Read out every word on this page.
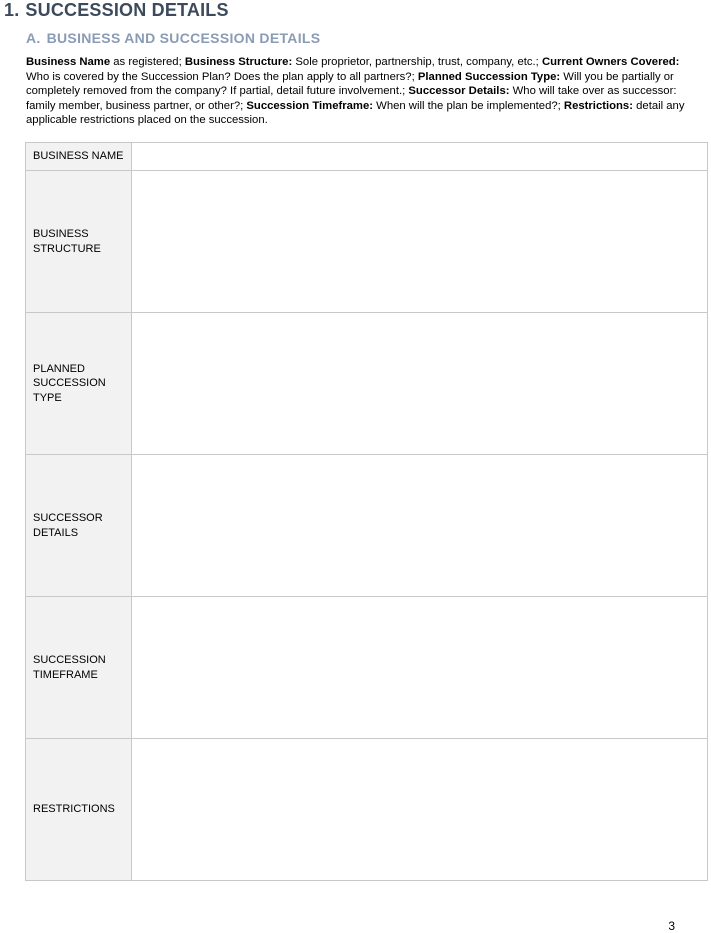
1. SUCCESSION DETAILS
A. BUSINESS AND SUCCESSION DETAILS

Business Name as registered; Business Structure: Sole proprietor, partnership, trust, company, etc.; Current Owners Covered: Who is covered by the Succession Plan? Does the plan apply to all partners?; Planned Succession Type: Will you be partially or completely removed from the company? If partial, detail future involvement.; Successor Details: Who will take over as successor: family member, business partner, or other?; Succession Timeframe: When will the plan be implemented?; Restrictions: detail any applicable restrictions placed on the succession.

BUSINESS NAME	
BUSINESS STRUCTURE	
PLANNED SUCCESSION TYPE	
SUCCESSOR DETAILS	
SUCCESSION TIMEFRAME	
RESTRICTIONS	
3
